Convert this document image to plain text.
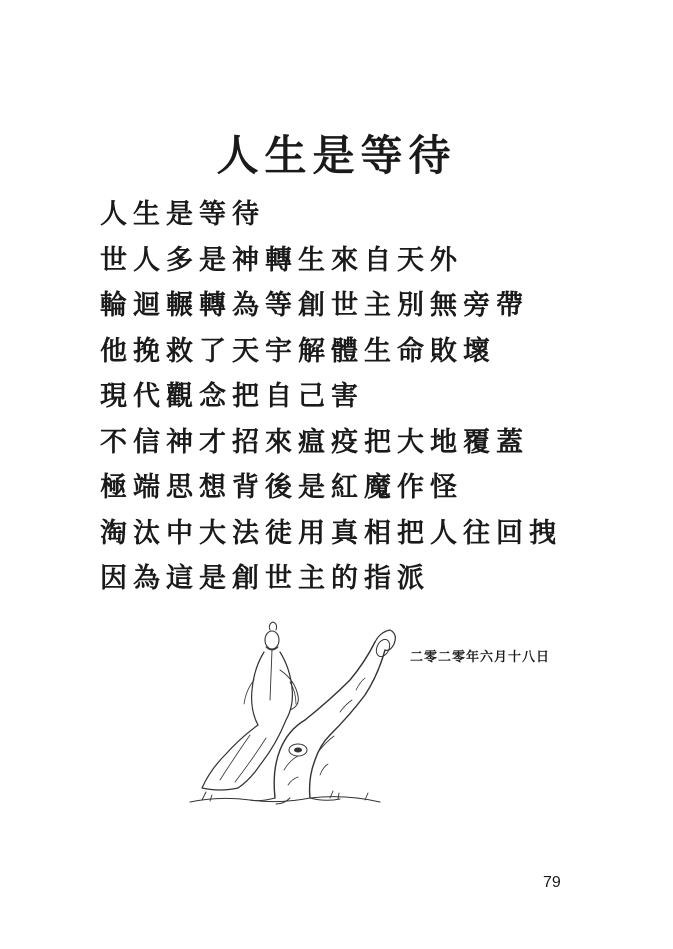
人生是等待
人生是等待
世人多是神轉生來自天外
輪迴輾轉為等創世主別無旁帶
他挽救了天宇解體生命敗壞
現代觀念把自己害
不信神才招來瘟疫把大地覆蓋
極端思想背後是紅魔作怪
淘汰中大法徒用真相把人往回拽
因為這是創世主的指派
二零二零年六月十八日
79
